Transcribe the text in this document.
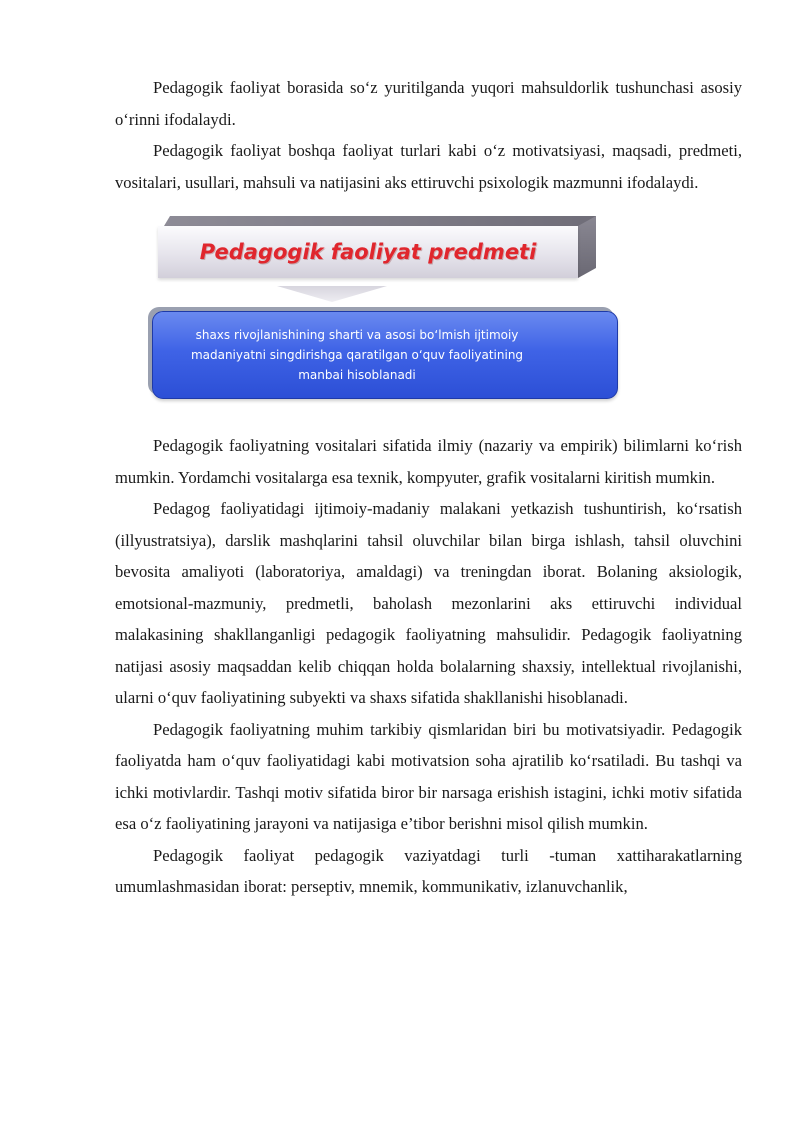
Pedagogik faoliyat borasida so‘z yuritilganda yuqori mahsuldorlik tushunchasi asosiy o‘rinni ifodalaydi.

Pedagogik faoliyat boshqa faoliyat turlari kabi o‘z motivatsiyasi, maqsadi, predmeti, vositalari, usullari, mahsuli va natijasini aks ettiruvchi psixologik mazmunni ifodalaydi.

Pedagogik faoliyat predmeti
shaxs rivojlanishining sharti va asosi bo‘lmish ijtimoiy madaniyatni singdirishga qaratilgan o‘quv faoliyatining manbai hisoblanadi

Pedagogik faoliyatning vositalari sifatida ilmiy (nazariy va empirik) bilimlarni ko‘rish mumkin. Yordamchi vositalarga esa texnik, kompyuter, grafik vositalarni kiritish mumkin.

Pedagog faoliyatidagi ijtimoiy-madaniy malakani yetkazish tushuntirish, ko‘rsatish (illyustratsiya), darslik mashqlarini tahsil oluvchilar bilan birga ishlash, tahsil oluvchini bevosita amaliyoti (laboratoriya, amaldagi) va treningdan iborat. Bolaning aksiologik, emotsional-mazmuniy, predmetli, baholash mezonlarini aks ettiruvchi individual malakasining shakllanganligi pedagogik faoliyatning mahsulidir. Pedagogik faoliyatning natijasi asosiy maqsaddan kelib chiqqan holda bolalarning shaxsiy, intellektual rivojlanishi, ularni o‘quv faoliyatining subyekti va shaxs sifatida shakllanishi hisoblanadi.

Pedagogik faoliyatning muhim tarkibiy qismlaridan biri bu motivatsiyadir. Pedagogik faoliyatda ham o‘quv faoliyatidagi kabi motivatsion soha ajratilib ko‘rsatiladi. Bu tashqi va ichki motivlardir. Tashqi motiv sifatida biror bir narsaga erishish istagini, ichki motiv sifatida esa o‘z faoliyatining jarayoni va natijasiga e’tibor berishni misol qilish mumkin.

Pedagogik faoliyat pedagogik vaziyatdagi turli -tuman xattiharakatlarning umumlashmasidan iborat: perseptiv, mnemik, kommunikativ, izlanuvchanlik,
